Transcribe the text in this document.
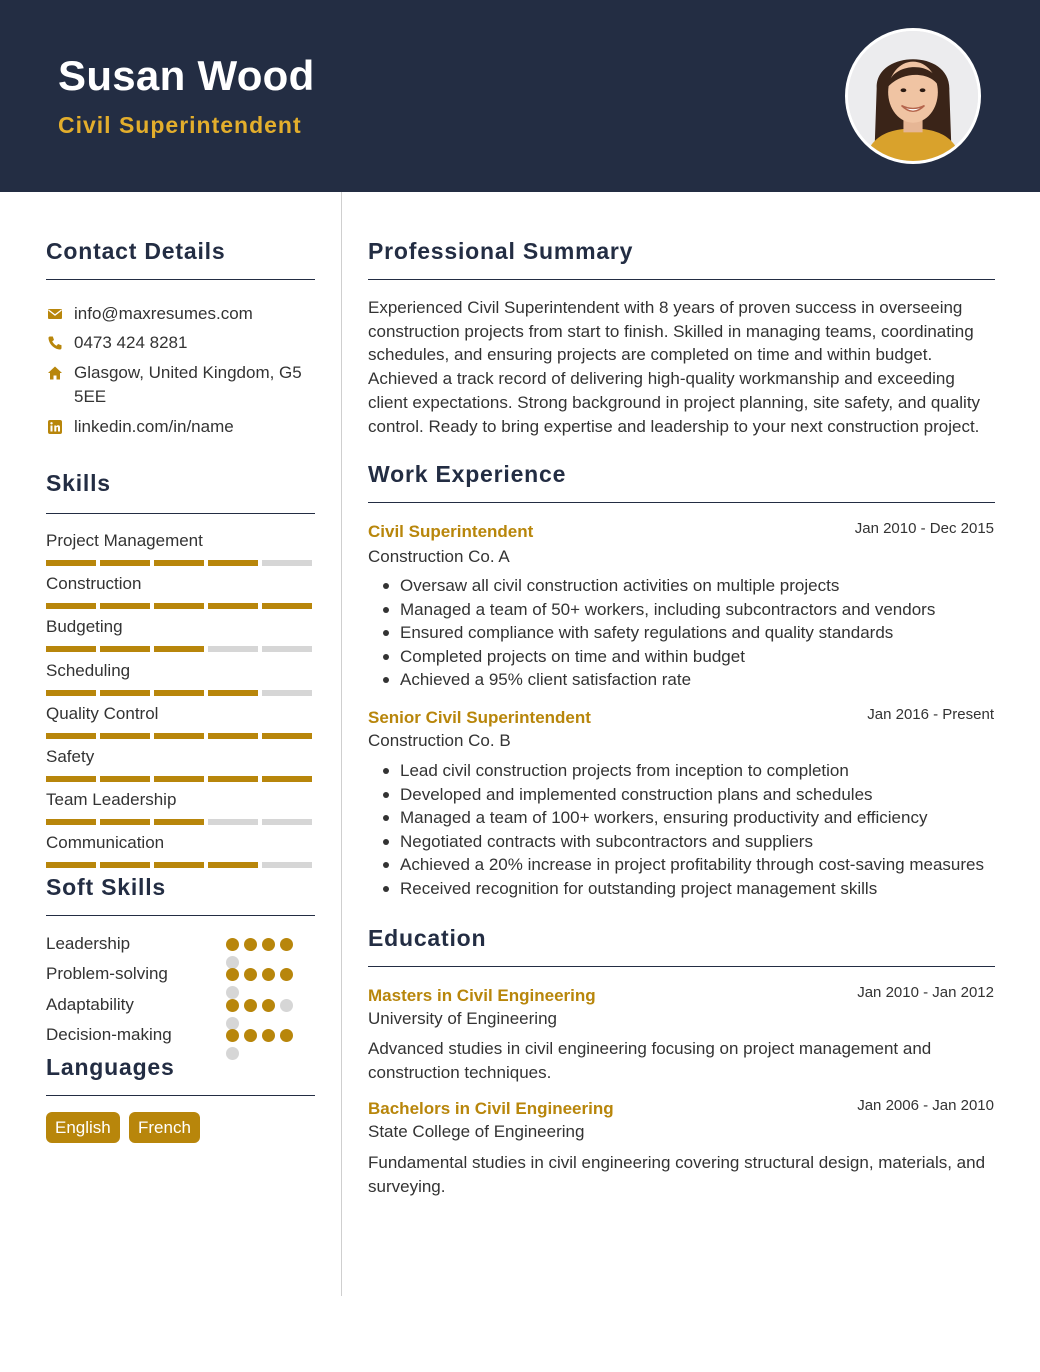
Susan Wood
Civil Superintendent
Contact Details
info@maxresumes.com
0473 424 8281
Glasgow, United Kingdom, G5
5EE
linkedin.com/in/name
Skills
Project Management
Construction
Budgeting
Scheduling
Quality Control
Safety
Team Leadership
Communication
Soft Skills
Leadership
Problem-solving
Adaptability
Decision-making
Languages
English	French
Professional Summary
Experienced Civil Superintendent with 8 years of proven success in overseeing construction projects from start to finish. Skilled in managing teams, coordinating schedules, and ensuring projects are completed on time and within budget. Achieved a track record of delivering high-quality workmanship and exceeding client expectations. Strong background in project planning, site safety, and quality control. Ready to bring expertise and leadership to your next construction project.
Work Experience
Civil Superintendent	Jan 2010 - Dec 2015
Construction Co. A
Oversaw all civil construction activities on multiple projects
Managed a team of 50+ workers, including subcontractors and vendors
Ensured compliance with safety regulations and quality standards
Completed projects on time and within budget
Achieved a 95% client satisfaction rate
Senior Civil Superintendent	Jan 2016 - Present
Construction Co. B
Lead civil construction projects from inception to completion
Developed and implemented construction plans and schedules
Managed a team of 100+ workers, ensuring productivity and efficiency
Negotiated contracts with subcontractors and suppliers
Achieved a 20% increase in project profitability through cost-saving measures
Received recognition for outstanding project management skills
Education
Masters in Civil Engineering	Jan 2010 - Jan 2012
University of Engineering
Advanced studies in civil engineering focusing on project management and construction techniques.
Bachelors in Civil Engineering	Jan 2006 - Jan 2010
State College of Engineering
Fundamental studies in civil engineering covering structural design, materials, and surveying.
